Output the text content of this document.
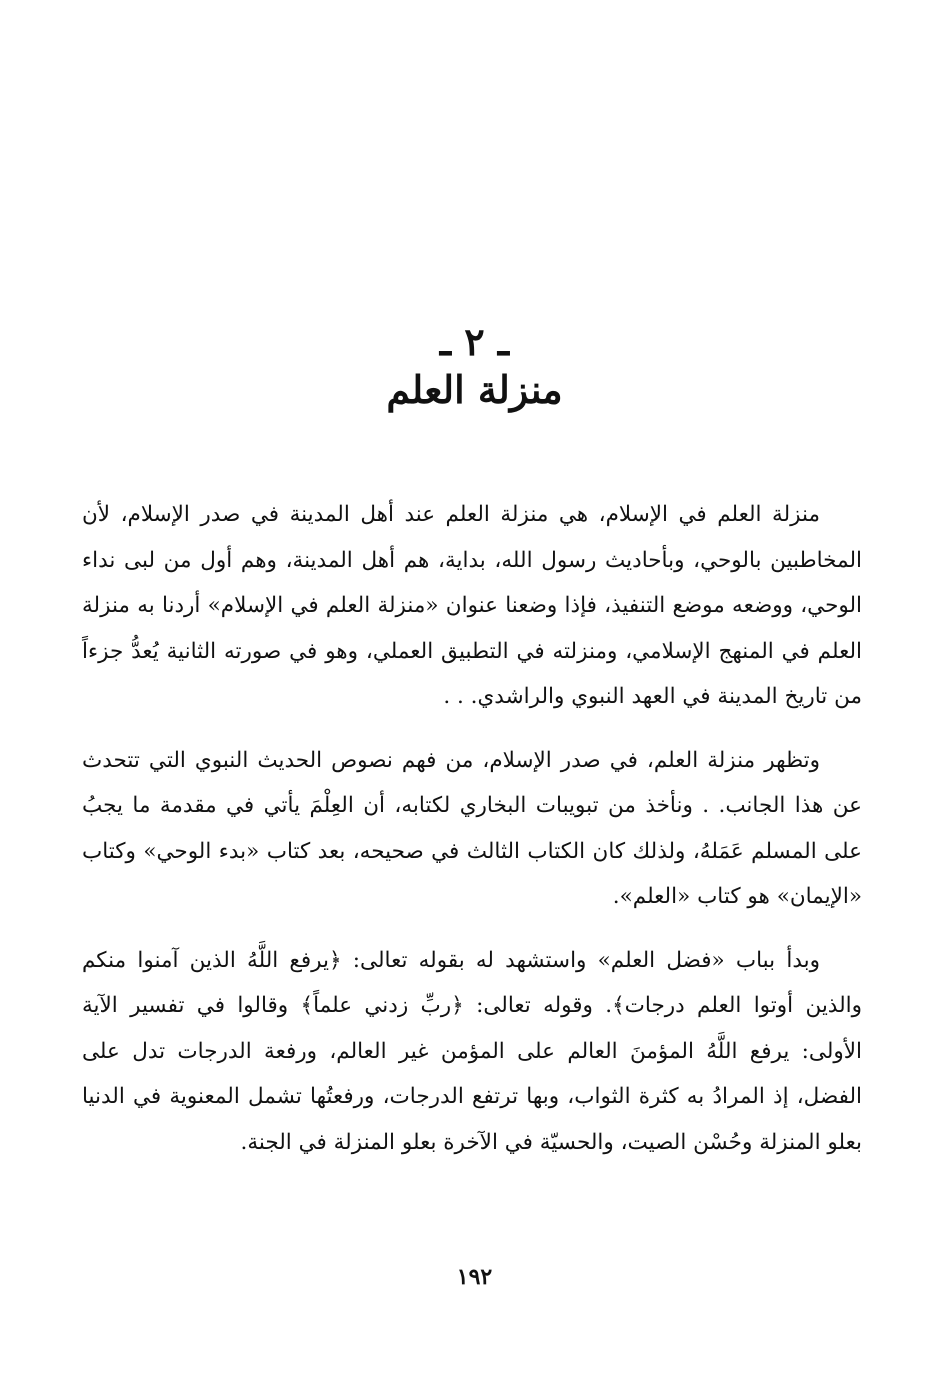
ـ ٢ ـ
منزلة العلم

منزلة العلم في الإسلام، هي منزلة العلم عند أهل المدينة في صدر الإسلام، لأن المخاطبين بالوحي، وبأحاديث رسول الله، بداية، هم أهل المدينة، وهم أول من لبى نداء الوحي، ووضعه موضع التنفيذ، فإذا وضعنا عنوان «منزلة العلم في الإسلام» أردنا به منزلة العلم في المنهج الإسلامي، ومنزلته في التطبيق العملي، وهو في صورته الثانية يُعدُّ جزءاً من تاريخ المدينة في العهد النبوي والراشدي. . .

وتظهر منزلة العلم، في صدر الإسلام، من فهم نصوص الحديث النبوي التي تتحدث عن هذا الجانب. . ونأخذ من تبويبات البخاري لكتابه، أن العِلْمَ يأتي في مقدمة ما يجبُ على المسلم عَمَلهُ، ولذلك كان الكتاب الثالث في صحيحه، بعد كتاب «بدء الوحي» وكتاب «الإيمان» هو كتاب «العلم».

وبدأ بباب «فضل العلم» واستشهد له بقوله تعالى: ﴿يرفع اللَّهُ الذين آمنوا منكم والذين أوتوا العلم درجات﴾. وقوله تعالى: ﴿ربِّ زدني علماً﴾ وقالوا في تفسير الآية الأولى: يرفع اللَّهُ المؤمنَ العالم على المؤمن غير العالم، ورفعة الدرجات تدل على الفضل، إذ المرادُ به كثرة الثواب، وبها ترتفع الدرجات، ورفعتُها تشمل المعنوية في الدنيا بعلو المنزلة وحُسْن الصيت، والحسيّة في الآخرة بعلو المنزلة في الجنة.

١٩٢
